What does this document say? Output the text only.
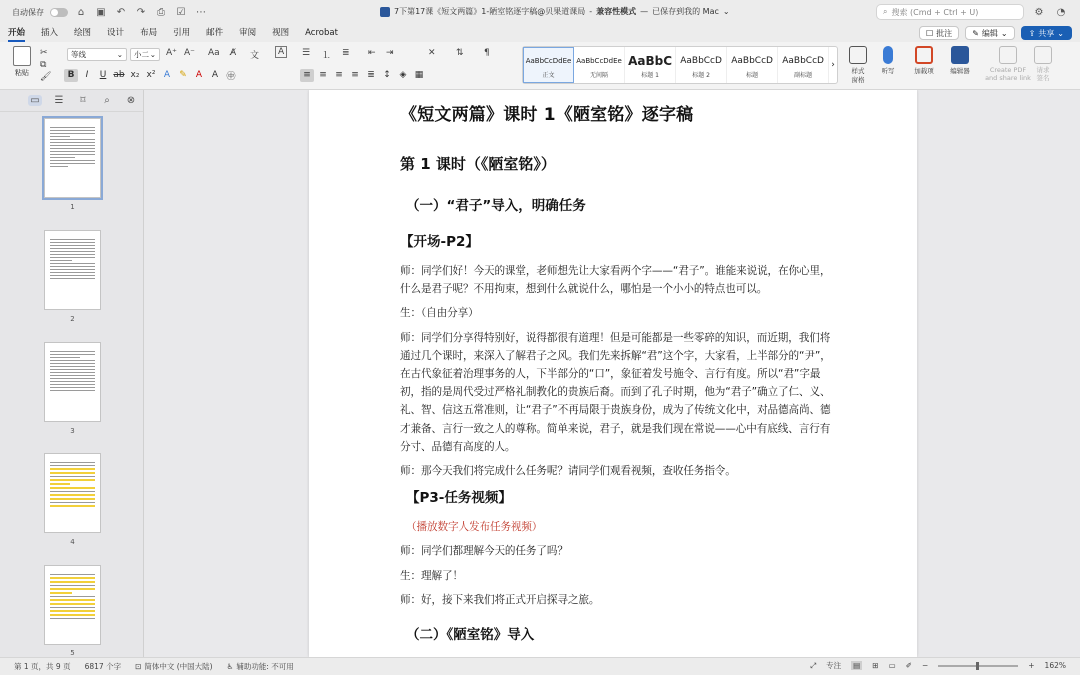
自动保存	⌂	▣ ↶ ↷	⎙	☑ ⋯	7下第17课《短文两篇》1-陋室铭逐字稿@贝果道课局 - 兼容性模式 — 已保存到我的 Mac ⌄	⌕ 搜索 (Cmd + Ctrl + U)	⚙ ◔
开始 插入 绘图 设计 布局 引用 邮件 审阅 视图 Acrobat	☐ 批注	✎ 编辑 ⌄	⇪ 共享 ⌄
粘贴
✂
⧉
🖌
等线	⌄ 小二 ⌄ A⁺ A⁻ Aa A̸ 文	A
B	I	U ab x₂ x² A	✎	A	A ㊥
☰ ⒈ ≣ ⇤ ⇥	✕ ⇅ ¶
≡ ≡ ≡ ≡ ≣ ↕ ◈ ▦
AaBbCcDdEe
正文
AaBbCcDdEe
无间隔
AaBbC
标题 1
AaBbCcD
标题 2
AaBbCcD
标题
AaBbCcD
副标题
›
样式
窗格
听写	加载项	编辑器	Create PDF
and share link
请求
签名
▭ ☰	⌑	⌕	⊗
1
2
3
4
5
《短文两篇》课时 1《陋室铭》逐字稿
第 1 课时（《陋室铭》）
（一）“君子”导入，明确任务
【开场-P2】
师：同学们好！今天的课堂，老师想先让大家看两个字——“君子”。谁能来说说，在你心里，什么是君子呢？不用拘束，想到什么就说什么，哪怕是一个小小的特点也可以。
生：（自由分享）
师：同学们分享得特别好，说得都很有道理！但是可能都是一些零碎的知识，而近期，我们将通过几个课时，来深入了解君子之风。我们先来拆解“君”这个字，大家看，上半部分的“尹”，在古代象征着治理事务的人，下半部分的“口”，象征着发号施令、言行有度。所以“君”字最初，指的是周代受过严格礼制教化的贵族后裔。而到了孔子时期，他为“君子”确立了仁、义、礼、智、信这五常准则，让“君子”不再局限于贵族身份，成为了传统文化中，对品德高尚、德才兼备、言行一致之人的尊称。简单来说，君子，就是我们现在常说——心中有底线、言行有分寸、品德有高度的人。
师：那今天我们将完成什么任务呢？请同学们观看视频，查收任务指令。
【P3-任务视频】
（播放数字人发布任务视频）
师：同学们都理解今天的任务了吗？
生：理解了！
师：好，接下来我们将正式开启探寻之旅。
（二）《陋室铭》导入
第 1 页，共 9 页 6817 个字 ⊡ 简体中文 (中国大陆) ♿ 辅助功能: 不可用	⤢ 专注 ▤ ⊞ ▭ ✐ −	+ 162%
